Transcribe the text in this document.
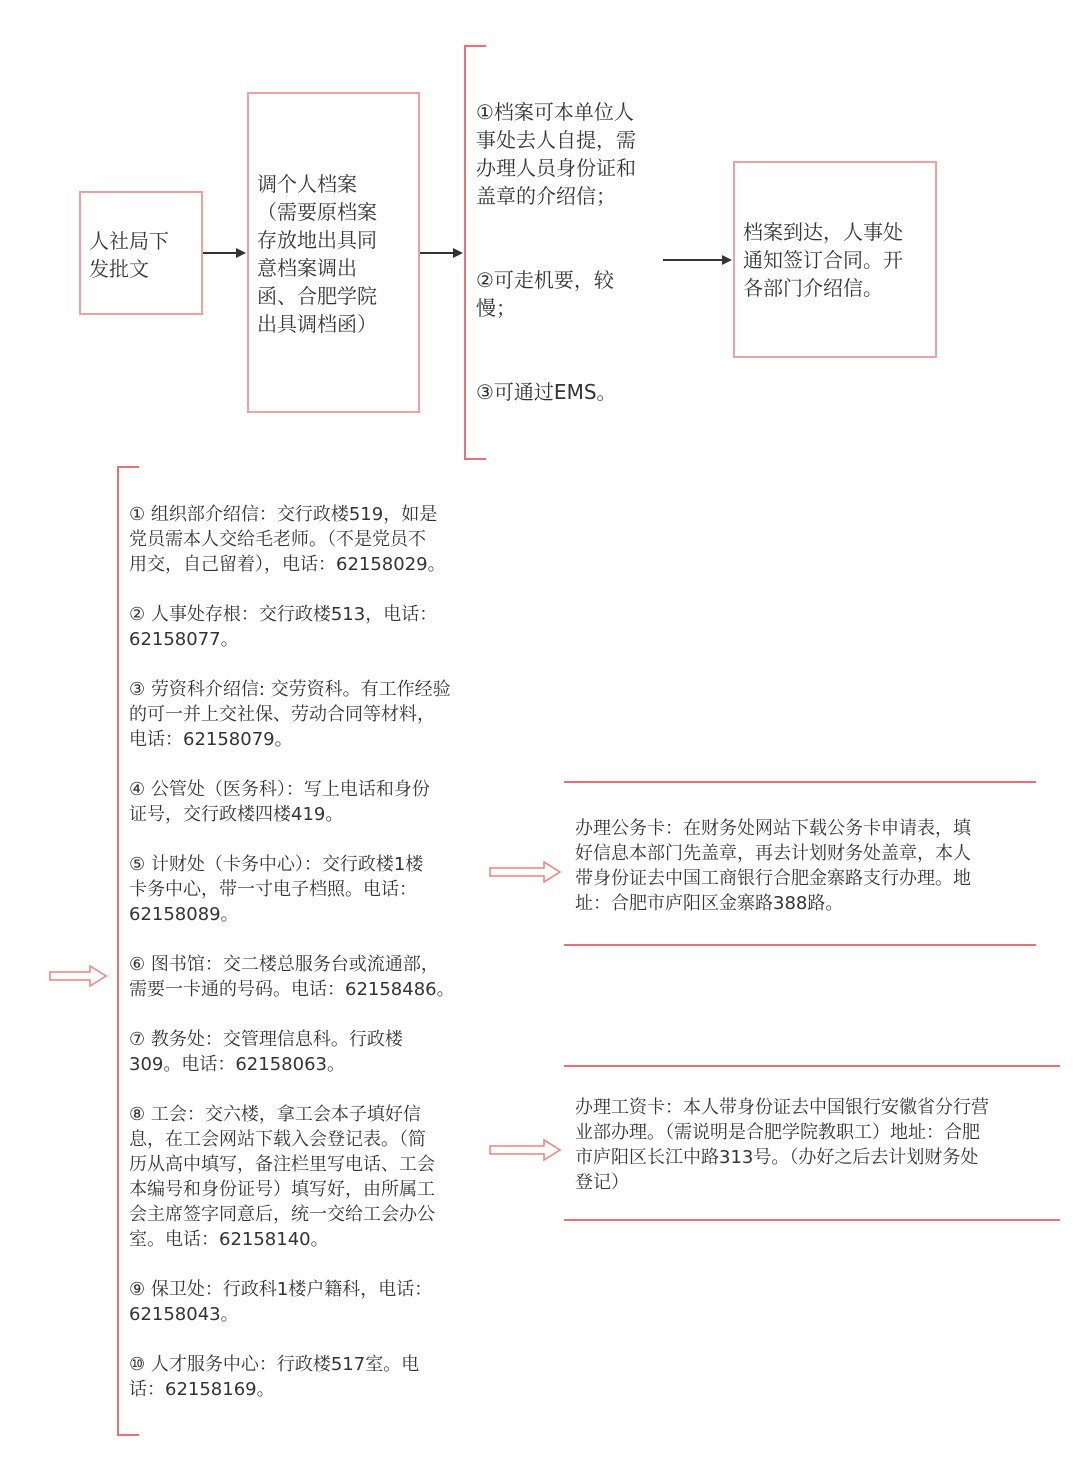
人社局下
发批文
调个人档案
（需要原档案
存放地出具同
意档案调出
函、合肥学院
出具调档函）
①档案可本单位人
事处去人自提，需
办理人员身份证和
盖章的介绍信；
②可走机要，较
慢；
③可通过EMS。
档案到达，人事处
通知签订合同。开
各部门介绍信。

① 组织部介绍信：交行政楼519，如是
党员需本人交给毛老师。（不是党员不
用交，自己留着），电话：62158029。

② 人事处存根：交行政楼513，电话：
62158077。

③ 劳资科介绍信: 交劳资科。有工作经验
的可一并上交社保、劳动合同等材料，
电话：62158079。

④ 公管处（医务科）：写上电话和身份
证号，交行政楼四楼419。

⑤ 计财处（卡务中心）：交行政楼1楼
卡务中心，带一寸电子档照。电话：
62158089。

⑥ 图书馆：交二楼总服务台或流通部，
需要一卡通的号码。电话：62158486。

⑦ 教务处：交管理信息科。行政楼
309。电话：62158063。

⑧ 工会：交六楼，拿工会本子填好信
息，在工会网站下载入会登记表。（简
历从高中填写，备注栏里写电话、工会
本编号和身份证号）填写好，由所属工
会主席签字同意后，统一交给工会办公
室。电话：62158140。

⑨ 保卫处：行政科1楼户籍科，电话：
62158043。

⑩ 人才服务中心：行政楼517室。电
话：62158169。

办理公务卡：在财务处网站下载公务卡申请表，填
好信息本部门先盖章，再去计划财务处盖章，本人
带身份证去中国工商银行合肥金寨路支行办理。地
址：合肥市庐阳区金寨路388路。
办理工资卡：本人带身份证去中国银行安徽省分行营
业部办理。（需说明是合肥学院教职工）地址：合肥
市庐阳区长江中路313号。（办好之后去计划财务处
登记）
